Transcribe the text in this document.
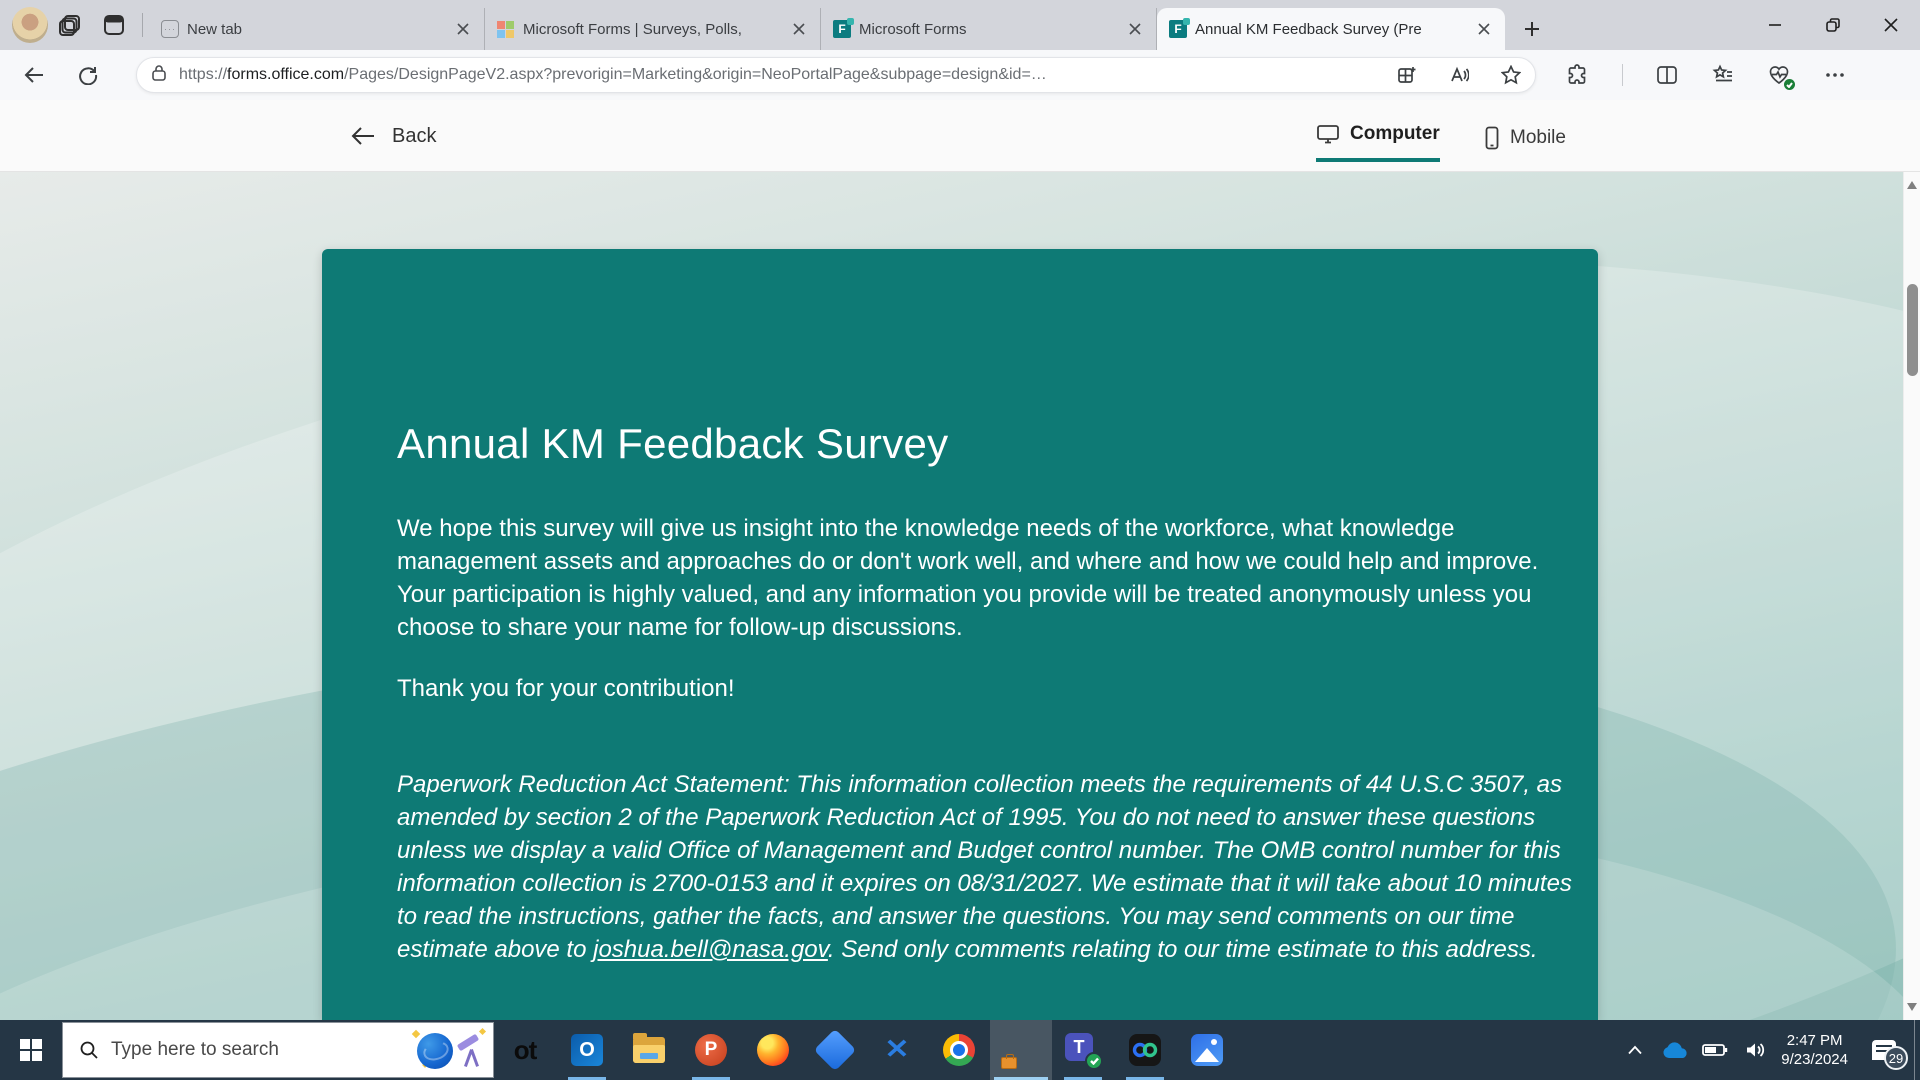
··· New tab	Microsoft Forms | Surveys, Polls,	F Microsoft Forms	F Annual KM Feedback Survey (Pre
https://forms.office.com/Pages/DesignPageV2.aspx?prevorigin=Marketing&origin=NeoPortalPage&subpage=design&id=…
Back	Computer	Mobile
Annual KM Feedback Survey
We hope this survey will give us insight into the knowledge needs of the workforce, what knowledge management assets and approaches do or don't work well, and where and how we could help and improve. Your participation is highly valued, and any information you provide will be treated anonymously unless you choose to share your name for follow-up discussions.
Thank you for your contribution!
Paperwork Reduction Act Statement: This information collection meets the requirements of 44 U.S.C 3507, as amended by section 2 of the Paperwork Reduction Act of 1995. You do not need to answer these questions unless we display a valid Office of Management and Budget control number. The OMB control number for this information collection is 2700-0153 and it expires on 08/31/2027. We estimate that it will take about 10 minutes to read the instructions, gather the facts, and answer the questions. You may send comments on our time estimate above to joshua.bell@nasa.gov. Send only comments relating to our time estimate to this address.
Type here to search
ot	O	P	✕	T	2:47 PM
9/23/2024	29
